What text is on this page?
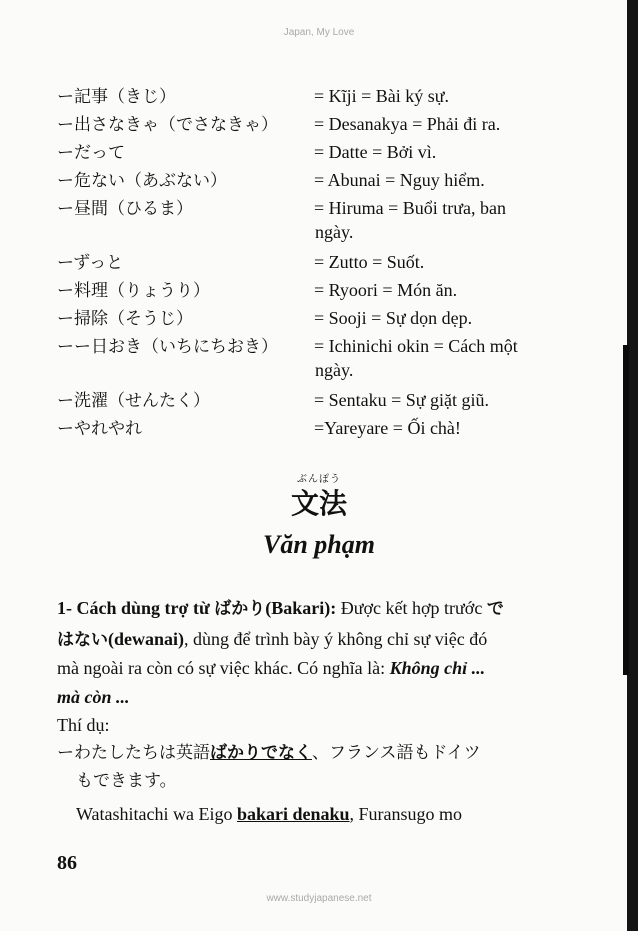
Japan, My Love
ー記事（きじ）	= Kĩji = Bài ký sự.
ー出さなきゃ（でさなきゃ） = Desanakya = Phải đi ra.
ーだって	= Datte = Bởi vì.
ー危ない（あぶない）	= Abunai = Nguy hiểm.
ー昼間（ひるま）	= Hiruma = Buổi trưa, ban
ngày.
ーずっと	= Zutto = Suốt.
ー料理（りょうり）	= Ryoori = Món ăn.
ー掃除（そうじ）	= Sooji = Sự dọn dẹp.
ーー日おき（いちにちおき） = Ichinichi okin = Cách một
ngày.
ー洗濯（せんたく）	= Sentaku = Sự giặt giũ.
ーやれやれ	=Yareyare = Ối chà!
ぶんぽう
文法
Văn phạm
1- Cách dùng trợ từ ばかり(Bakari): Được kết hợp trước で
はない(dewanai), dùng để trình bày ý không chỉ sự việc đó
mà ngoài ra còn có sự việc khác. Có nghĩa là: Không chỉ ...
mà còn ...
Thí dụ:
ーわたしたちは英語ばかりでなく、フランス語もドイツ
もできます。
Watashitachi wa Eigo bakari denaku, Furansugo mo
86
www.studyjapanese.net
